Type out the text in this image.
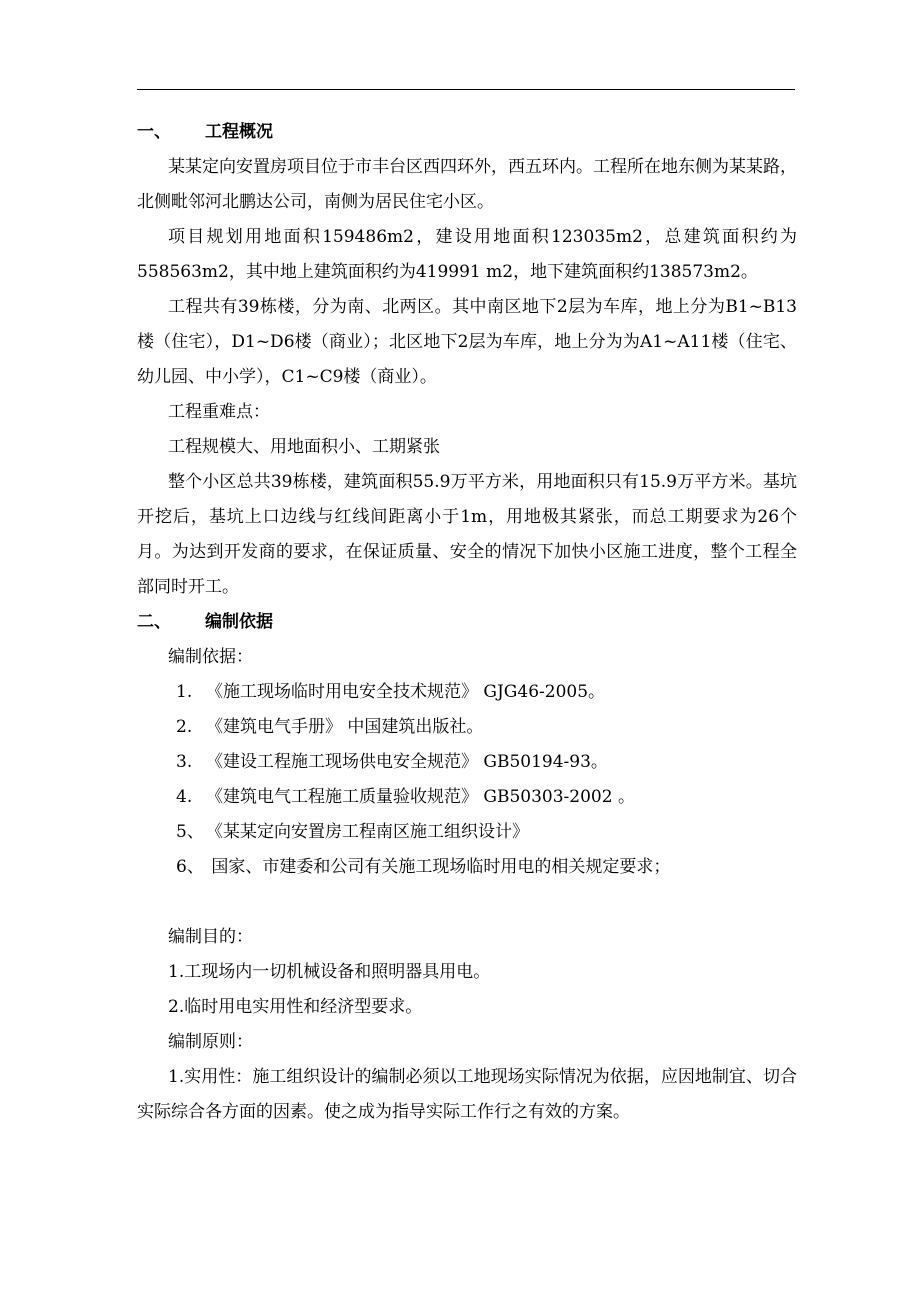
一、 工程概况

某某定向安置房项目位于市丰台区西四环外，西五环内。工程所在地东侧为某某路，北侧毗邻河北鹏达公司，南侧为居民住宅小区。

项目规划用地面积159486m2，建设用地面积123035m2，总建筑面积约为558563m2，其中地上建筑面积约为419991 m2，地下建筑面积约138573m2。

工程共有39栋楼，分为南、北两区。其中南区地下2层为车库，地上分为B1~B13楼（住宅），D1~D6楼（商业）；北区地下2层为车库，地上分为为A1~A11楼（住宅、幼儿园、中小学），C1~C9楼（商业）。

工程重难点：

工程规模大、用地面积小、工期紧张

整个小区总共39栋楼，建筑面积55.9万平方米，用地面积只有15.9万平方米。基坑开挖后，基坑上口边线与红线间距离小于1m，用地极其紧张，而总工期要求为26个月。为达到开发商的要求，在保证质量、安全的情况下加快小区施工进度，整个工程全部同时开工。

二、 编制依据

编制依据：

1. 《施工现场临时用电安全技术规范》 GJG46-2005。
2. 《建筑电气手册》 中国建筑出版社。
3. 《建设工程施工现场供电安全规范》 GB50194-93。
4. 《建筑电气工程施工质量验收规范》 GB50303-2002 。
5、 《某某定向安置房工程南区施工组织设计》
6、 国家、市建委和公司有关施工现场临时用电的相关规定要求；

编制目的：

1.工现场内一切机械设备和照明器具用电。

2.临时用电实用性和经济型要求。

编制原则：

1.实用性：施工组织设计的编制必须以工地现场实际情况为依据，应因地制宜、切合实际综合各方面的因素。使之成为指导实际工作行之有效的方案。
